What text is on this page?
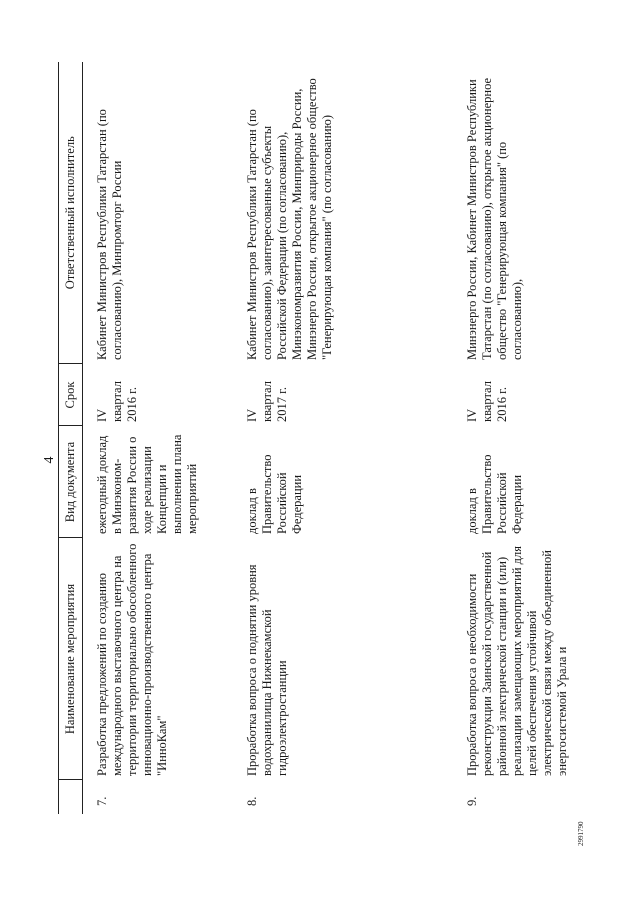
4
	Наименование мероприятия	Вид документа	Срок	Ответственный исполнитель
7.	Разработка предложений по созданию международного выставочного центра на территории территориально обособленного инновационно-производственного центра "ИнноКам"	ежегодный доклад в Минэкономразвития России о ходе реализации Концепции и выполнении плана мероприятий	IV квартал 2016 г.	Кабинет Министров Республики Татарстан (по согласованию), Минпромторг России
8.	Проработка вопроса о поднятии уровня водохранилища Нижнекамской гидроэлектростанции	доклад в Правительство Российской Федерации	IV квартал 2017 г.	Кабинет Министров Республики Татарстан (по согласованию), заинтересованные субъекты Российской Федерации (по согласованию), Минэкономразвития России, Минприроды России, Минэнерго России, открытое акционерное общество "Генерирующая компания" (по согласованию)
9.	Проработка вопроса о необходимости реконструкции Заинской государственной районной электрической станции и (или) реализации замещающих мероприятий для целей обеспечения устойчивой электрической связи между объединенной энергосистемой Урала и	доклад в Правительство Российской Федерации	IV квартал 2016 г.	Минэнерго России, Кабинет Министров Республики Татарстан (по согласованию), открытое акционерное общество "Генерирующая компания" (по согласованию),
2991790
